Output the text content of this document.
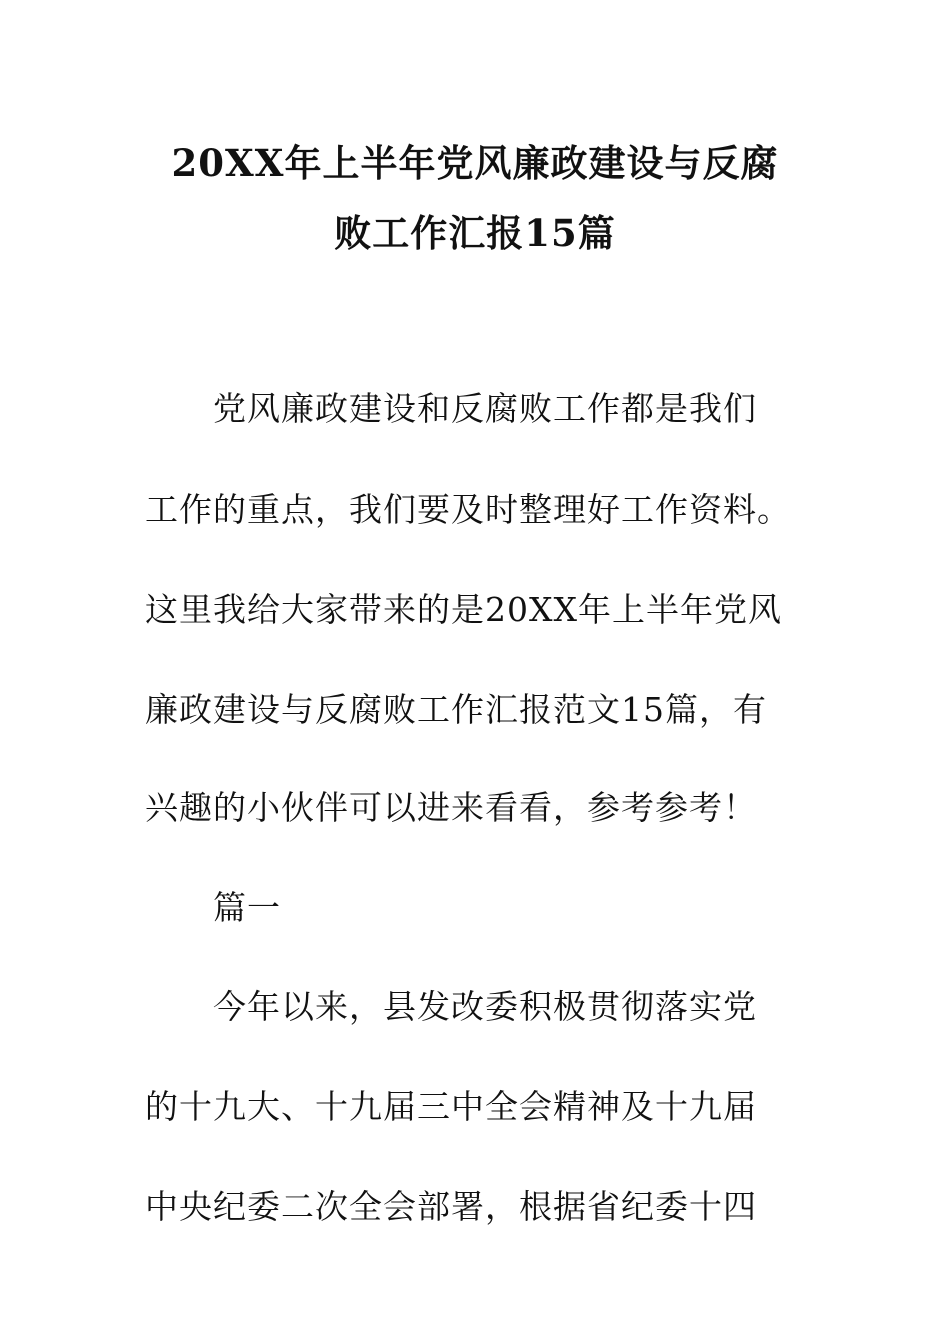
20XX年上半年党风廉政建设与反腐
败工作汇报15篇
党风廉政建设和反腐败工作都是我们
工作的重点，我们要及时整理好工作资料。
这里我给大家带来的是20XX年上半年党风
廉政建设与反腐败工作汇报范文15篇，有
兴趣的小伙伴可以进来看看，参考参考！
篇一
今年以来，县发改委积极贯彻落实党
的十九大、十九届三中全会精神及十九届
中央纪委二次全会部署，根据省纪委十四
